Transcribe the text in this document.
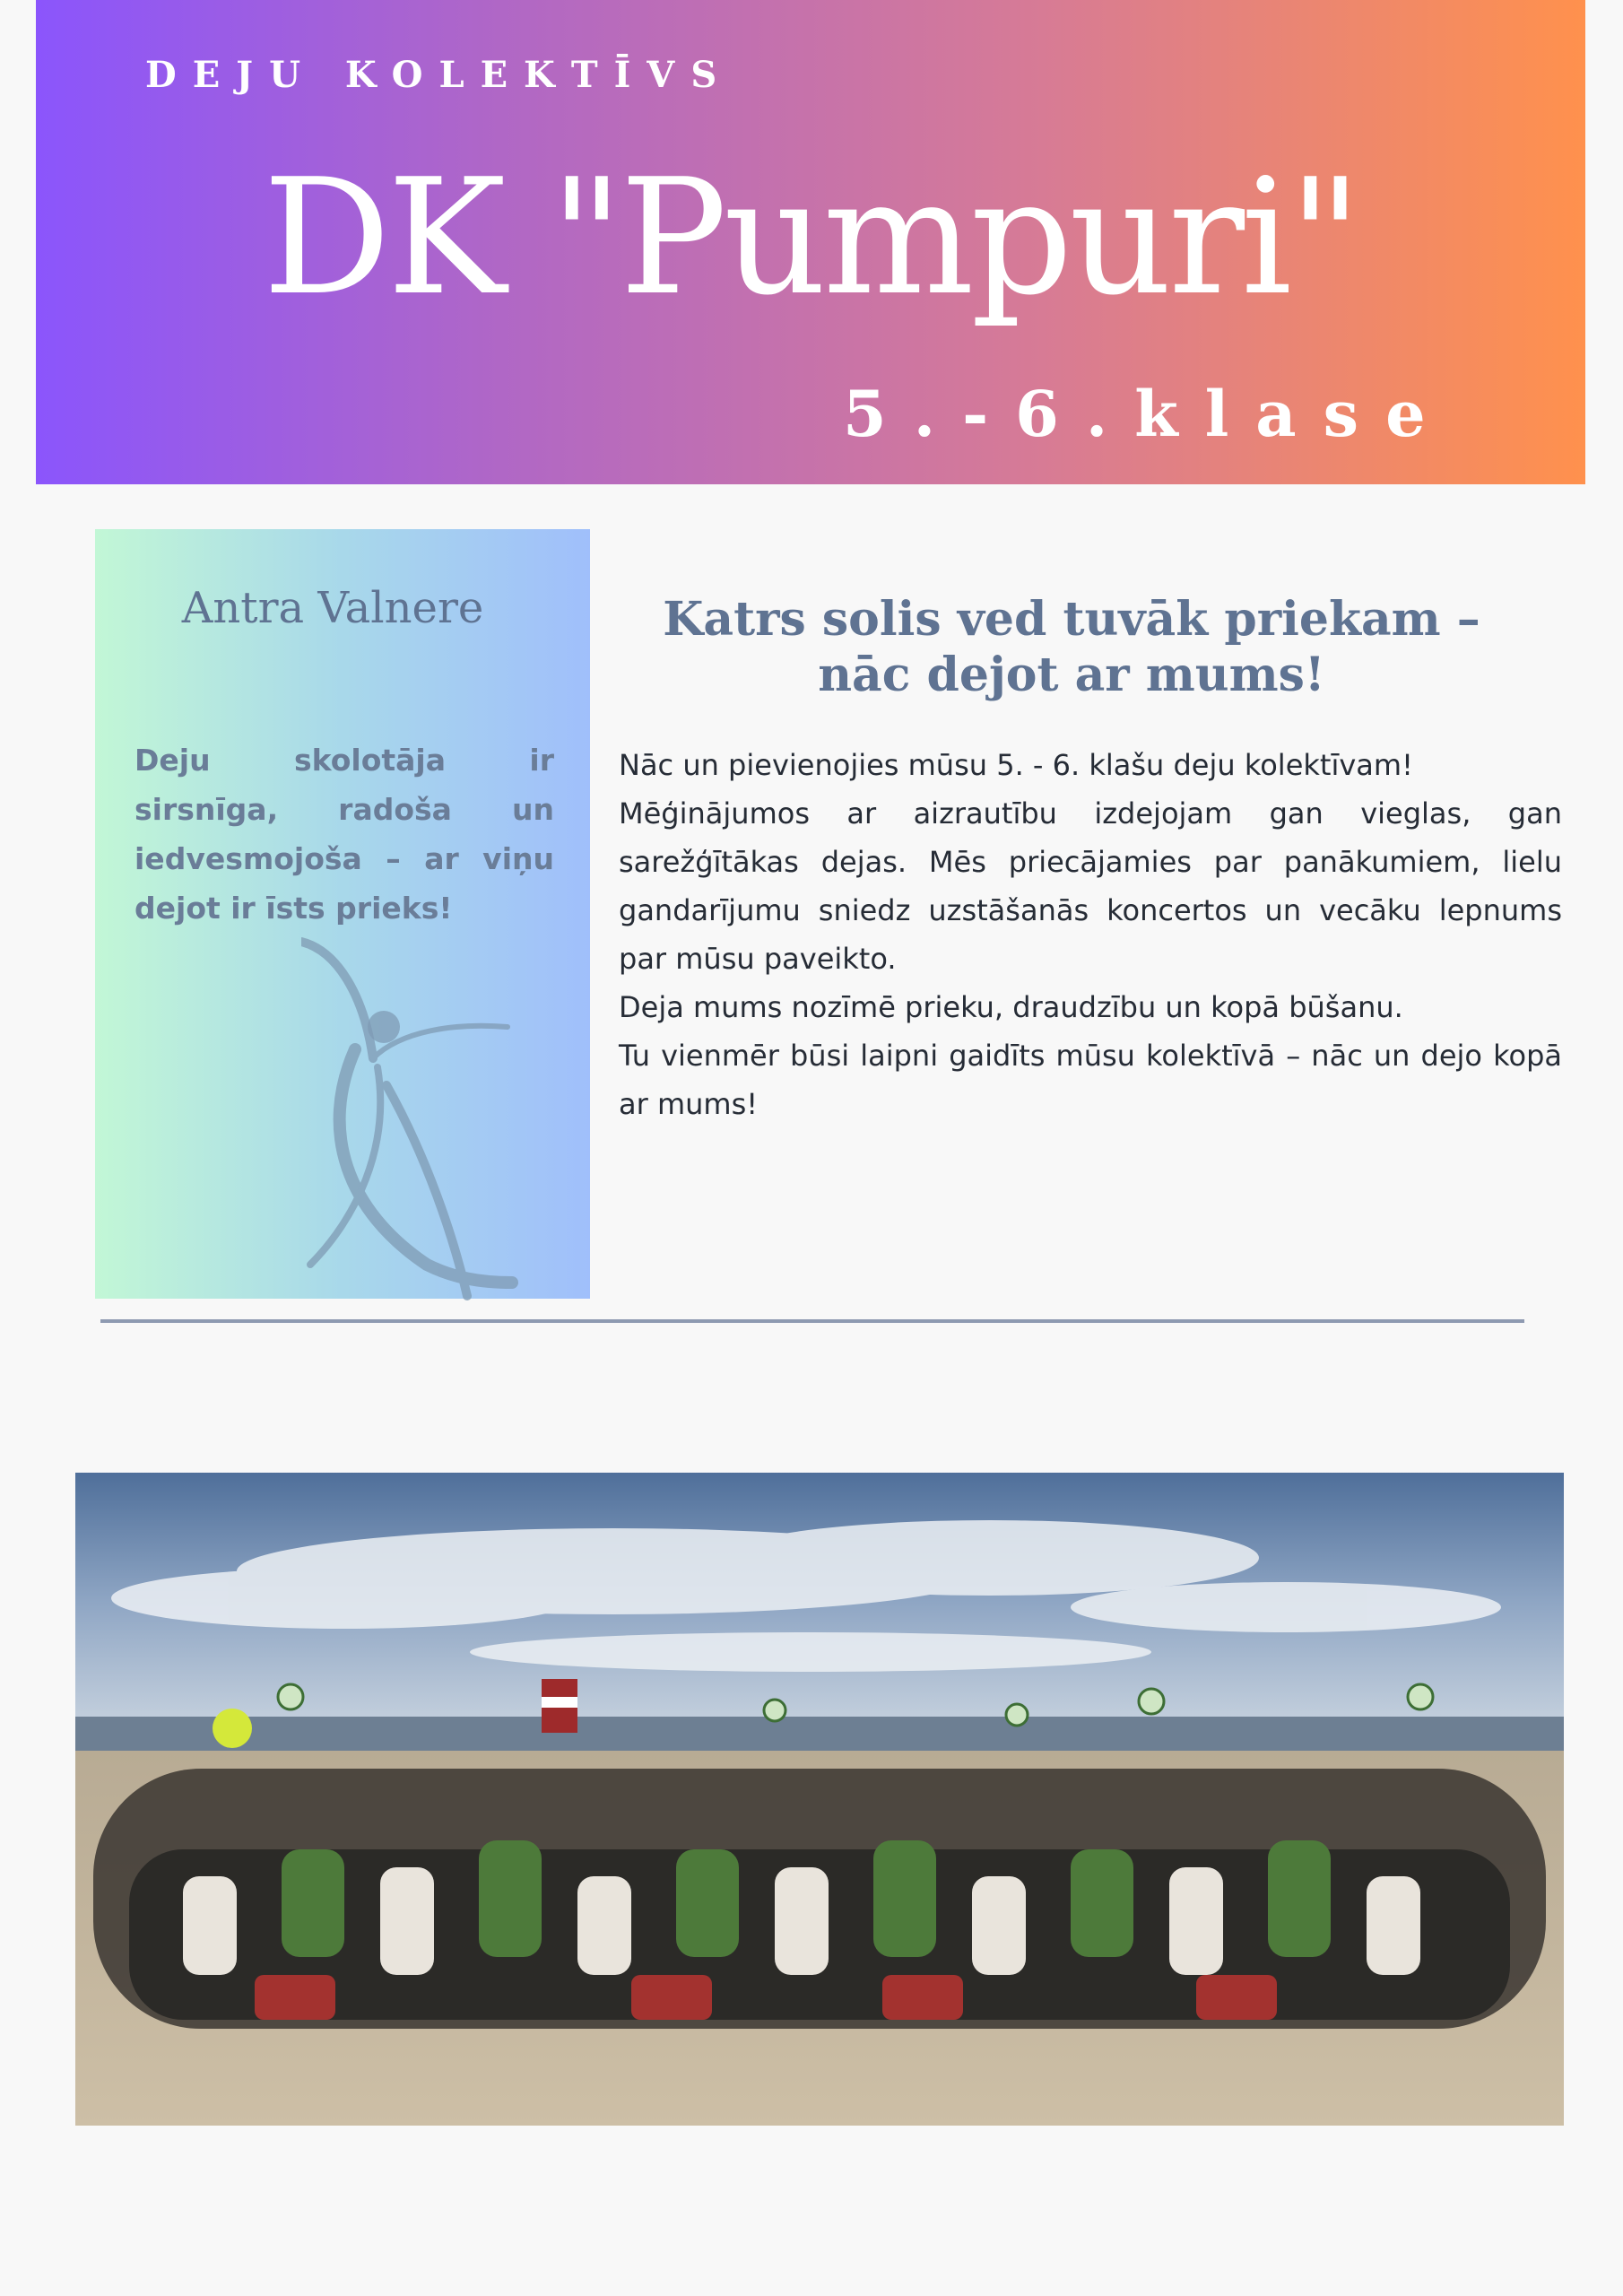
DEJU KOLEKTĪVS
DK "Pumpuri"
5.-6.klase
Antra Valnere
Deju skolotāja ir sirsnīga, radoša un iedvesmojoša – ar viņu dejot ir īsts prieks!
Katrs solis ved tuvāk priekam – nāc dejot ar mums!

Nāc un pievienojies mūsu 5. - 6. klašu deju kolektīvam!

Mēģinājumos ar aizrautību izdejojam gan vieglas, gan sarežģītākas dejas. Mēs priecājamies par panākumiem, lielu gandarījumu sniedz uzstāšanās koncertos un vecāku lepnums par mūsu paveikto.

Deja mums nozīmē prieku, draudzību un kopā būšanu.

Tu vienmēr būsi laipni gaidīts mūsu kolektīvā – nāc un dejo kopā ar mums!
